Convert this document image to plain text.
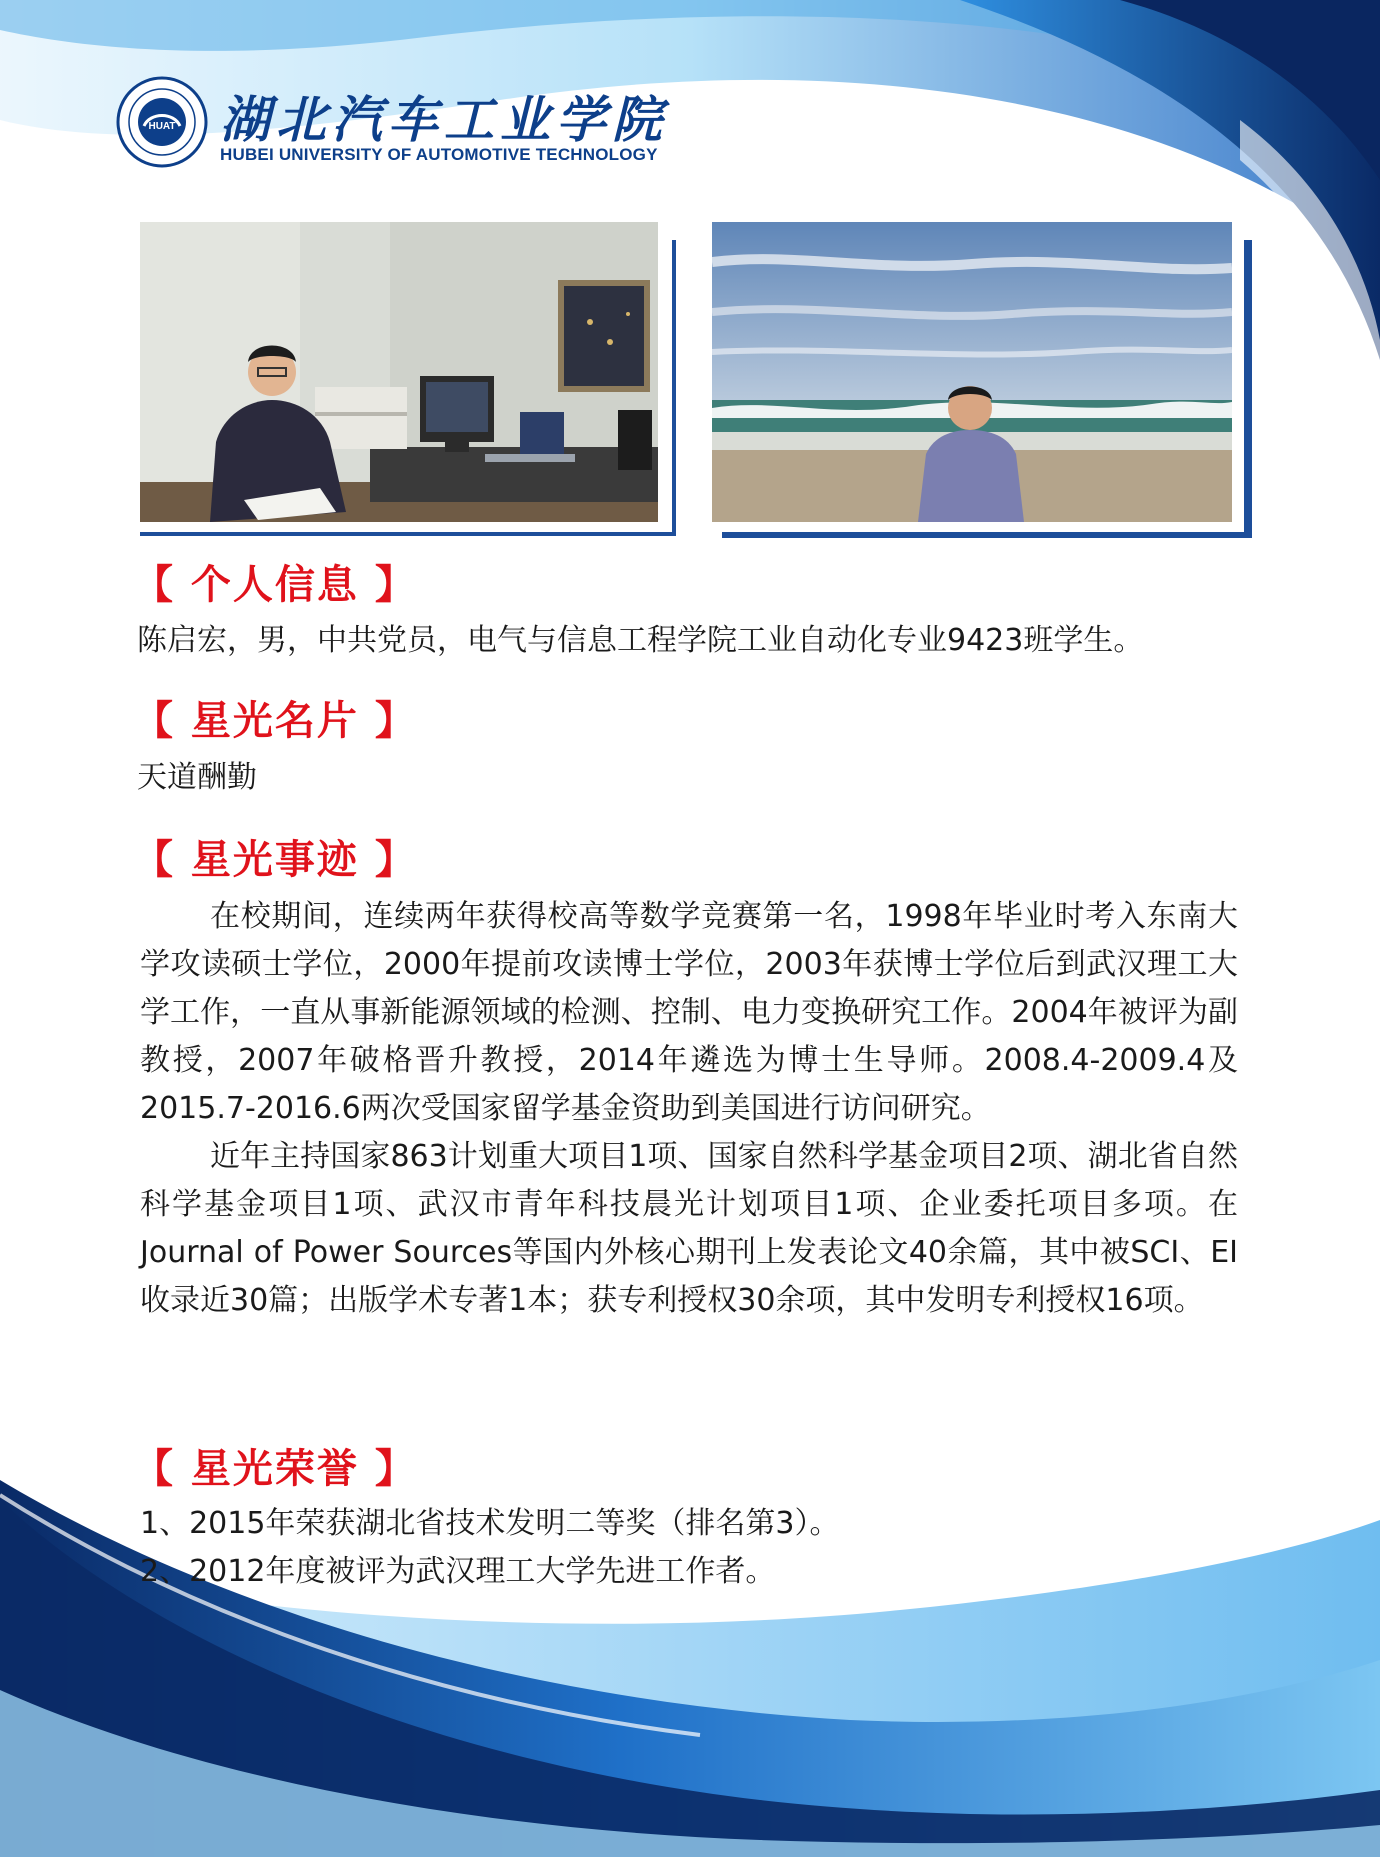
HUAT 湖北汽车工业学院
HUBEI UNIVERSITY OF AUTOMOTIVE TECHNOLOGY
【 个人信息 】
陈启宏，男，中共党员，电气与信息工程学院工业自动化专业9423班学生。
【 星光名片 】
天道酬勤
【 星光事迹 】

在校期间，连续两年获得校高等数学竞赛第一名，1998年毕业时考入东南大学攻读硕士学位，2000年提前攻读博士学位，2003年获博士学位后到武汉理工大学工作，一直从事新能源领域的检测、控制、电力变换研究工作。2004年被评为副教授，2007年破格晋升教授，2014年遴选为博士生导师。2008.4-2009.4及2015.7-2016.6两次受国家留学基金资助到美国进行访问研究。

近年主持国家863计划重大项目1项、国家自然科学基金项目2项、湖北省自然科学基金项目1项、武汉市青年科技晨光计划项目1项、企业委托项目多项。在Journal of Power Sources等国内外核心期刊上发表论文40余篇，其中被SCI、EI收录近30篇；出版学术专著1本；获专利授权30余项，其中发明专利授权16项。

【 星光荣誉 】

1、2015年荣获湖北省技术发明二等奖（排名第3）。

2、2012年度被评为武汉理工大学先进工作者。
